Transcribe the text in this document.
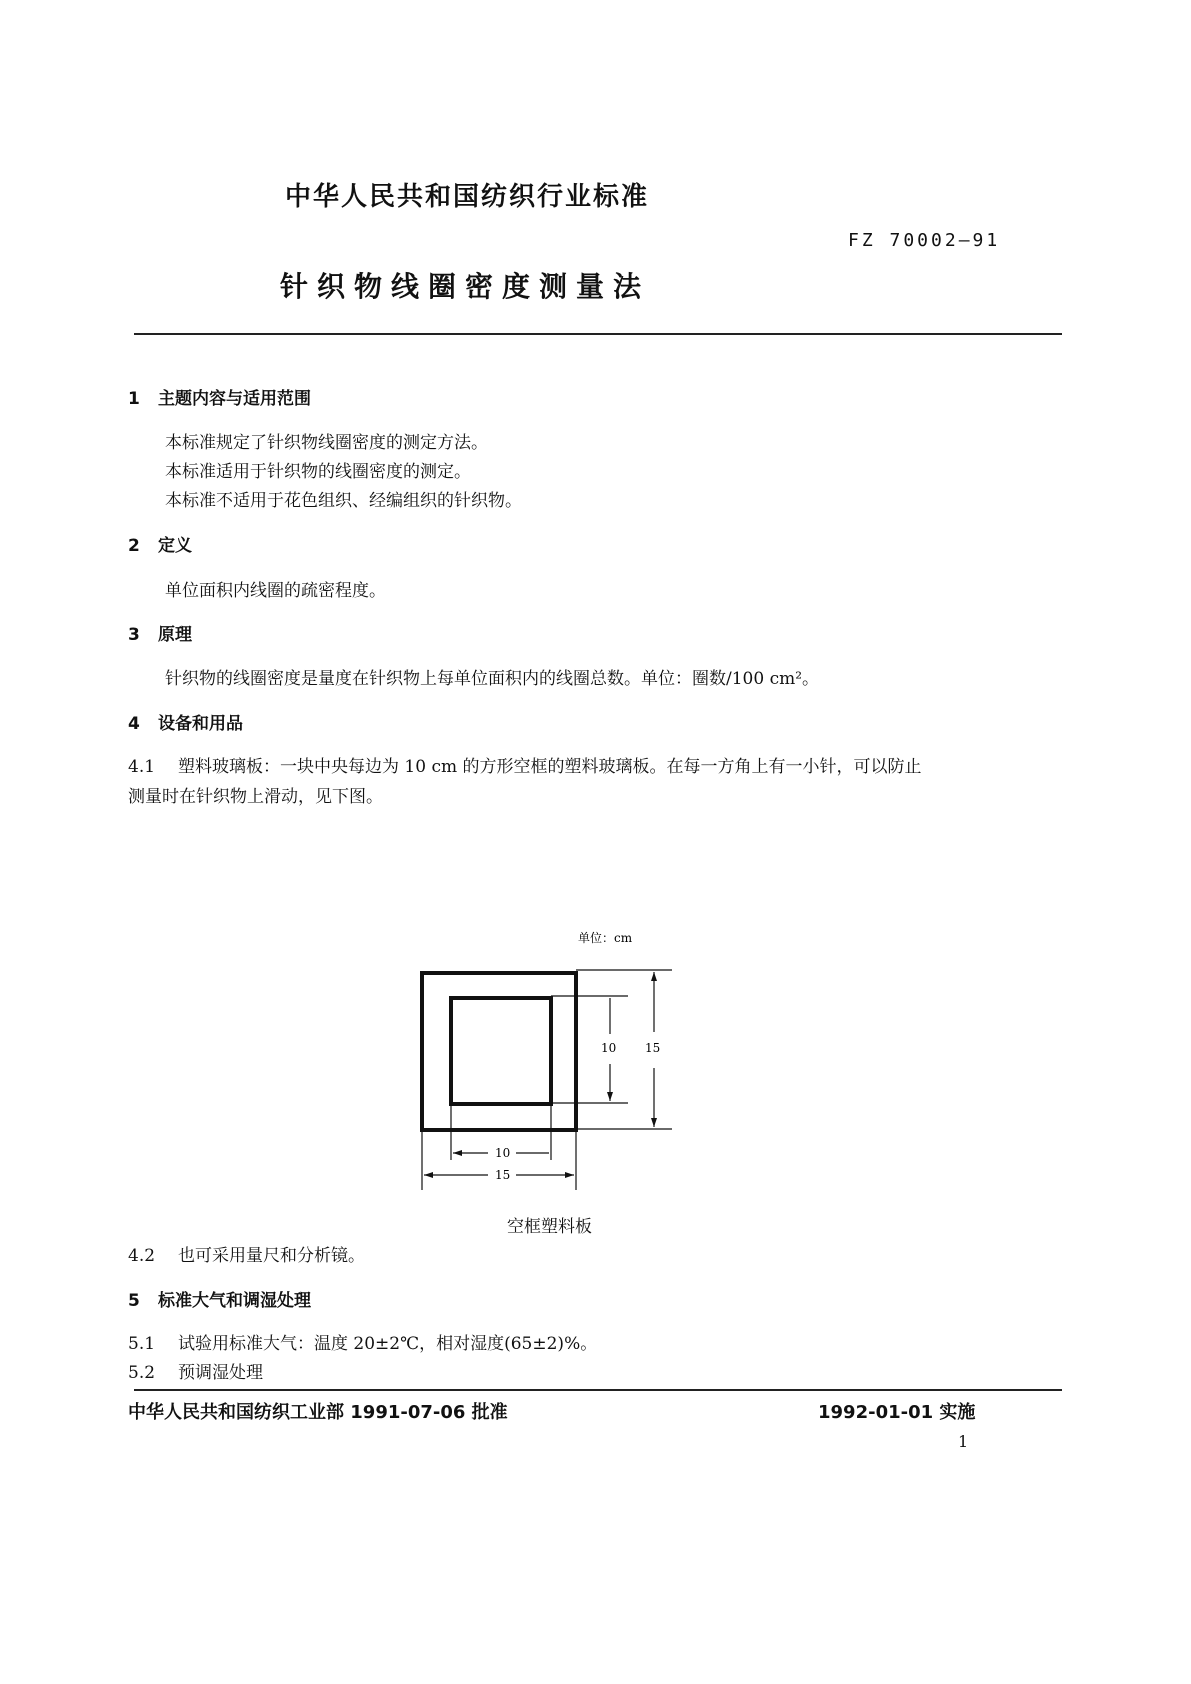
中华人民共和国纺织行业标准
FZ 70002—91
针织物线圈密度测量法
1 主题内容与适用范围
本标准规定了针织物线圈密度的测定方法。
本标准适用于针织物的线圈密度的测定。
本标准不适用于花色组织、经编组织的针织物。
2 定义
单位面积内线圈的疏密程度。
3 原理
针织物的线圈密度是量度在针织物上每单位面积内的线圈总数。单位：圈数/100 cm²。
4 设备和用品
4.1 塑料玻璃板：一块中央每边为 10 cm 的方形空框的塑料玻璃板。在每一方角上有一小针，可以防止
测量时在针织物上滑动，见下图。
单位：cm
10 15
10
15
空框塑料板
4.2 也可采用量尺和分析镜。
5 标准大气和调湿处理
5.1 试验用标准大气：温度 20±2℃，相对湿度(65±2)%。
5.2 预调湿处理
中华人民共和国纺织工业部 1991-07-06 批准	1992-01-01 实施
1
